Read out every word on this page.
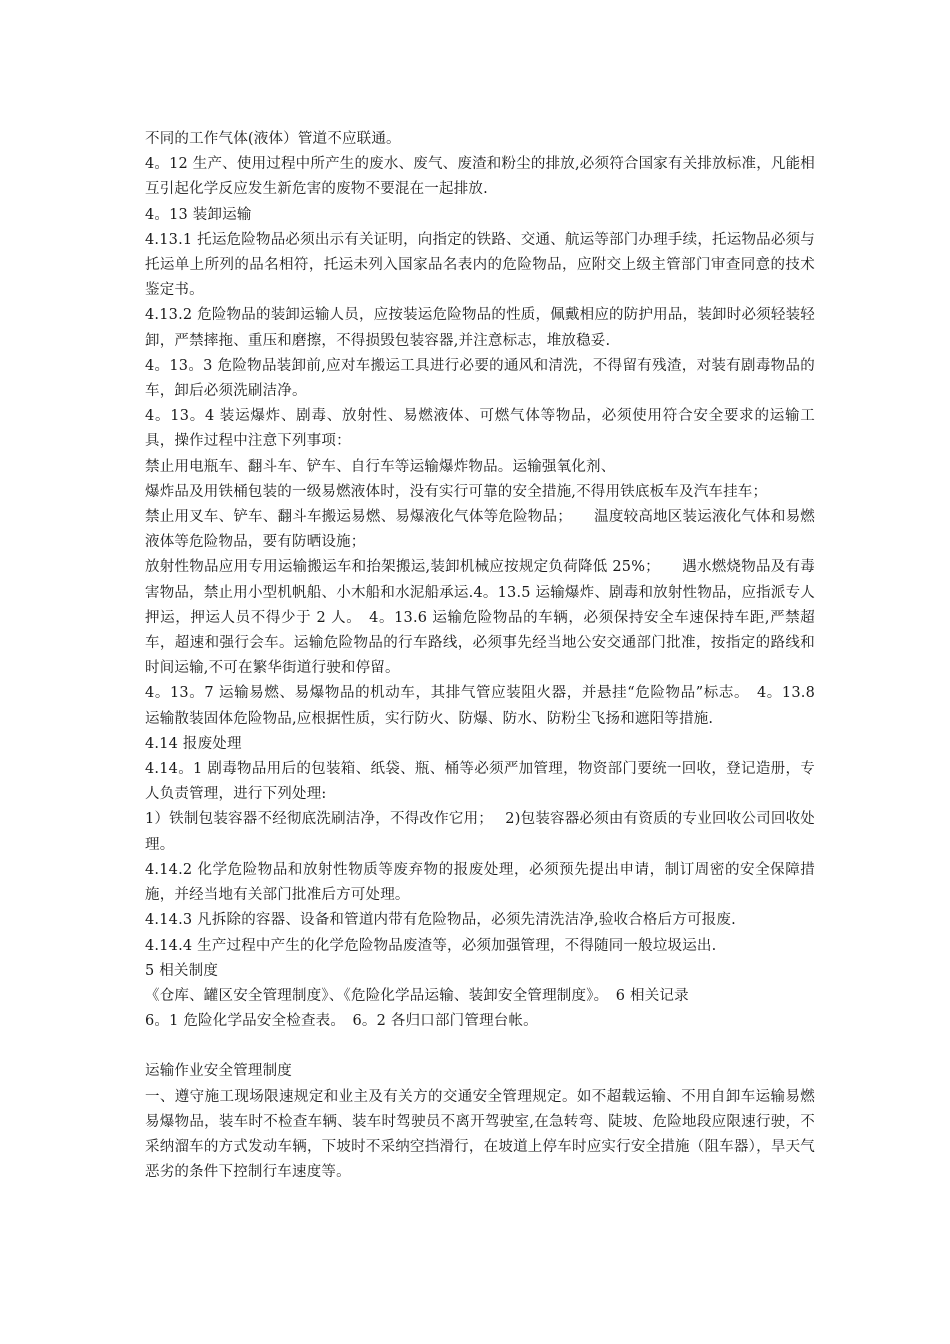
不同的工作气体(液体）管道不应联通。

4。12 生产、使用过程中所产生的废水、废气、废渣和粉尘的排放,必须符合国家有关排放标准，凡能相互引起化学反应发生新危害的废物不要混在一起排放.

4。13 装卸运输

4.13.1 托运危险物品必须出示有关证明，向指定的铁路、交通、航运等部门办理手续，托运物品必须与托运单上所列的品名相符，托运未列入国家品名表内的危险物品，应附交上级主管部门审查同意的技术鉴定书。

4.13.2 危险物品的装卸运输人员，应按装运危险物品的性质，佩戴相应的防护用品，装卸时必须轻装轻卸，严禁摔拖、重压和磨擦，不得损毁包装容器,并注意标志，堆放稳妥.

4。13。3 危险物品装卸前,应对车搬运工具进行必要的通风和清洗，不得留有残渣，对装有剧毒物品的车，卸后必须洗刷洁净。

4。13。4 装运爆炸、剧毒、放射性、易燃液体、可燃气体等物品，必须使用符合安全要求的运输工具，操作过程中注意下列事项：

禁止用电瓶车、翻斗车、铲车、自行车等运输爆炸物品。运输强氧化剂、

爆炸品及用铁桶包装的一级易燃液体时，没有实行可靠的安全措施,不得用铁底板车及汽车挂车；

禁止用叉车、铲车、翻斗车搬运易燃、易爆液化气体等危险物品；　　温度较高地区装运液化气体和易燃液体等危险物品，要有防晒设施；

放射性物品应用专用运输搬运车和抬架搬运,装卸机械应按规定负荷降低 25%；　　遇水燃烧物品及有毒害物品，禁止用小型机帆船、小木船和水泥船承运.4。13.5 运输爆炸、剧毒和放射性物品，应指派专人押运，押运人员不得少于 2 人。　4。13.6 运输危险物品的车辆，必须保持安全车速保持车距,严禁超车，超速和强行会车。运输危险物品的行车路线，必须事先经当地公安交通部门批准，按指定的路线和时间运输,不可在繁华街道行驶和停留。

4。13。7 运输易燃、易爆物品的机动车，其排气管应装阻火器，并悬挂“危险物品”标志。　4。13.8 运输散装固体危险物品,应根据性质，实行防火、防爆、防水、防粉尘飞扬和遮阳等措施.

4.14 报废处理

4.14。1 剧毒物品用后的包装箱、纸袋、瓶、桶等必须严加管理，物资部门要统一回收，登记造册，专人负责管理，进行下列处理:

1）铁制包装容器不经彻底洗刷洁净，不得改作它用；　 2)包装容器必须由有资质的专业回收公司回收处理。

4.14.2 化学危险物品和放射性物质等废弃物的报废处理，必须预先提出申请，制订周密的安全保障措施，并经当地有关部门批准后方可处理。

4.14.3 凡拆除的容器、设备和管道内带有危险物品，必须先清洗洁净,验收合格后方可报废.

4.14.4 生产过程中产生的化学危险物品废渣等，必须加强管理，不得随同一般垃圾运出.

5 相关制度

《仓库、罐区安全管理制度》、《危险化学品运输、装卸安全管理制度》。　6 相关记录

6。1 危险化学品安全检查表。　6。2 各归口部门管理台帐。

运输作业安全管理制度

一、遵守施工现场限速规定和业主及有关方的交通安全管理规定。如不超载运输、不用自卸车运输易燃易爆物品，装车时不检查车辆、装车时驾驶员不离开驾驶室,在急转弯、陡坡、危险地段应限速行驶，不采纳溜车的方式发动车辆，下坡时不采纳空挡滑行，在坡道上停车时应实行安全措施（阻车器），旱天气恶劣的条件下控制行车速度等。
